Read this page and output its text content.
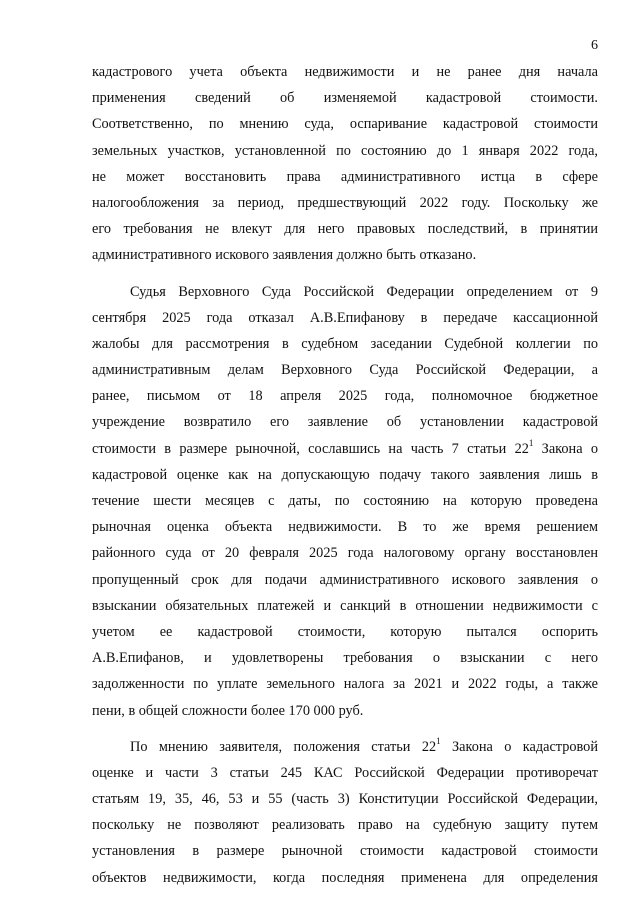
6
кадастрового учета объекта недвижимости и не ранее дня начала
применения сведений об изменяемой кадастровой стоимости.
Соответственно, по мнению суда, оспаривание кадастровой стоимости
земельных участков, установленной по состоянию до 1 января 2022 года,
не может восстановить права административного истца в сфере
налогообложения за период, предшествующий 2022 году. Поскольку же
его требования не влекут для него правовых последствий, в принятии
административного искового заявления должно быть отказано.
Судья Верховного Суда Российской Федерации определением от 9
сентября 2025 года отказал А.В.Епифанову в передаче кассационной
жалобы для рассмотрения в судебном заседании Судебной коллегии по
административным делам Верховного Суда Российской Федерации, а
ранее, письмом от 18 апреля 2025 года, полномочное бюджетное
учреждение возвратило его заявление об установлении кадастровой
стоимости в размере рыночной, сославшись на часть 7 статьи $22^1$ Закона о
кадастровой оценке как на допускающую подачу такого заявления лишь в
течение шести месяцев с даты, по состоянию на которую проведена
рыночная оценка объекта недвижимости. В то же время решением
районного суда от 20 февраля 2025 года налоговому органу восстановлен
пропущенный срок для подачи административного искового заявления о
взыскании обязательных платежей и санкций в отношении недвижимости с
учетом ее кадастровой стоимости, которую пытался оспорить
А.В.Епифанов, и удовлетворены требования о взыскании с него
задолженности по уплате земельного налога за 2021 и 2022 годы, а также
пени, в общей сложности более 170 000 руб.
По мнению заявителя, положения статьи $22^1$ Закона о кадастровой
оценке и части 3 статьи 245 КАС Российской Федерации противоречат
статьям 19, 35, 46, 53 и 55 (часть 3) Конституции Российской Федерации,
поскольку не позволяют реализовать право на судебную защиту путем
установления в размере рыночной стоимости кадастровой стоимости
объектов недвижимости, когда последняя применена для определения
